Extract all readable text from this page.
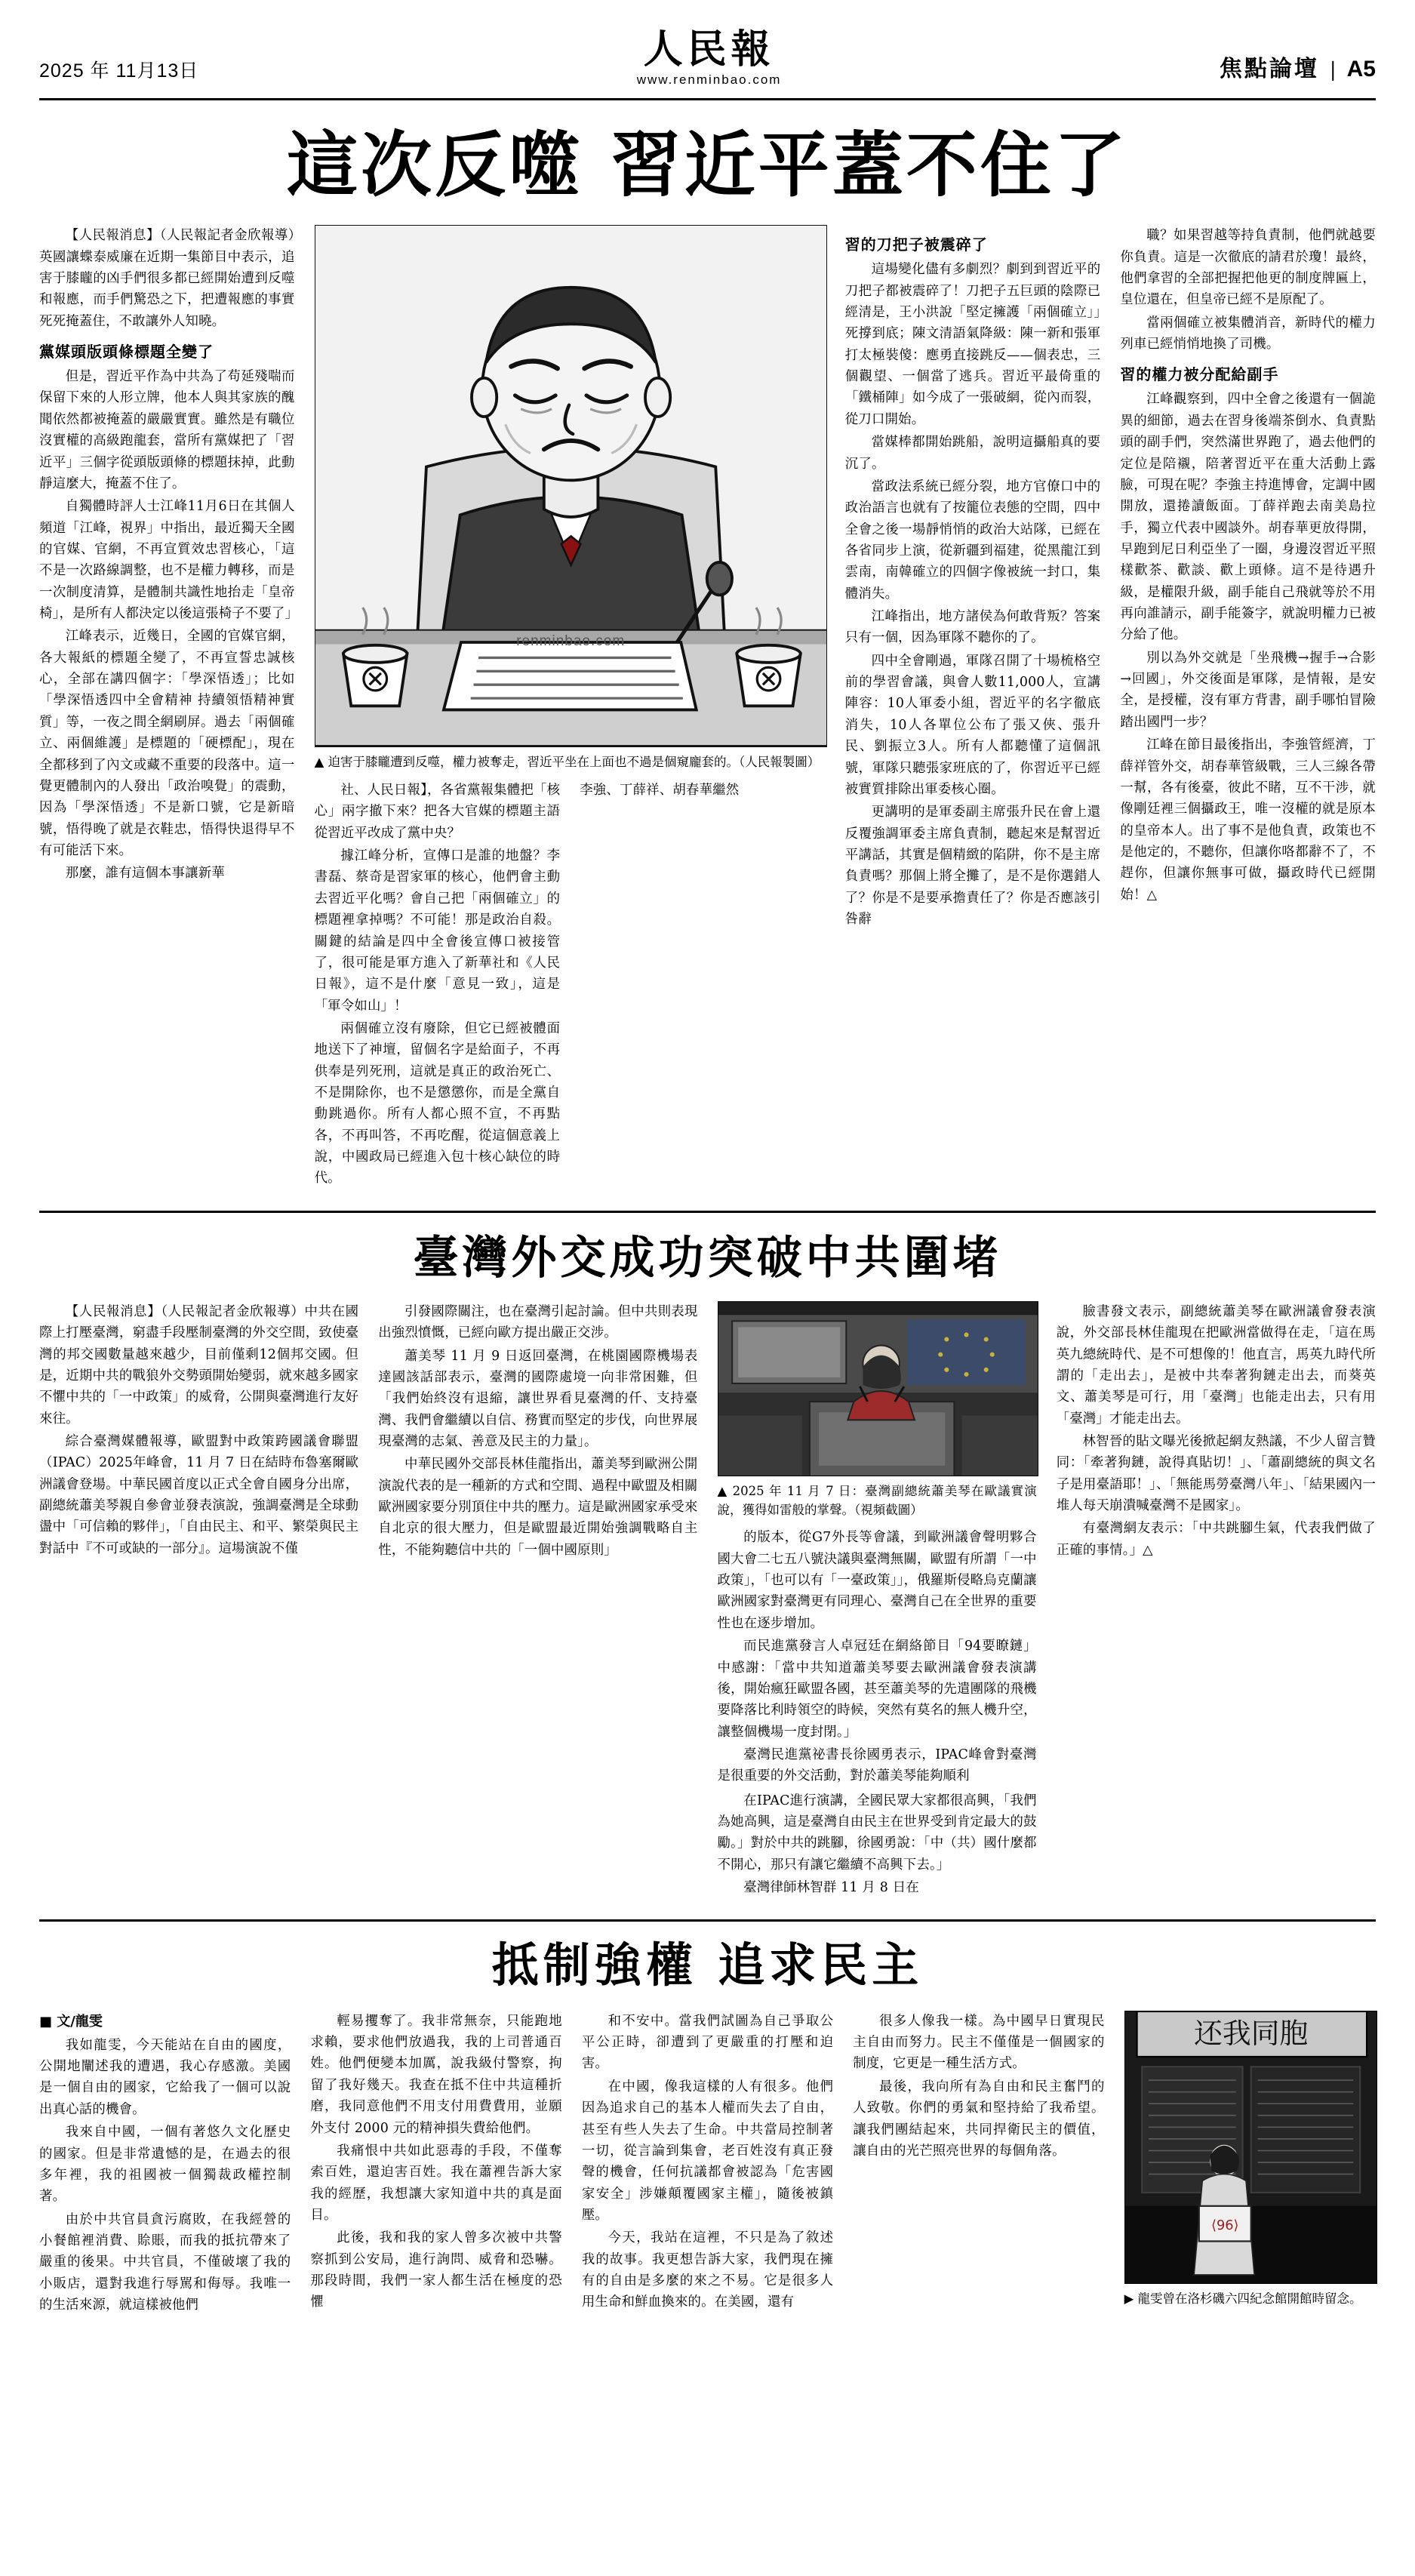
2025 年 11月13日	人民報
www.renminbao.com	焦點論壇 | A5
這次反噬 習近平蓋不住了

【人民報消息】（人民報記者金欣報導）英國讓蝶泰威廉在近期一集節目中表示，追害于膝矓的凶手們很多都已經開始遭到反噬和報應，而手們驚恐之下，把遭報應的事實死死掩蓋住，不敢讓外人知曉。

黨媒頭版頭條標題全變了

但是，習近平作為中共為了苟延殘喘而保留下來的人形立牌，他本人與其家族的醜聞依然都被掩蓋的嚴嚴實實。雖然是有職位沒實權的高級跑龍套，當所有黨媒把了「習近平」三個字從頭版頭條的標題抹掉，此動靜這麼大，掩蓋不住了。

自獨體時評人士江峰11月6日在其個人頻道「江峰，視界」中指出，最近獨天全國的官媒、官網，不再宣質效忠習核心，「這不是一次路線調整，也不是權力轉移，而是一次制度清算，是體制共識性地抬走「皇帝椅」，是所有人都決定以後這張椅子不要了」

江峰表示，近幾日，全國的官媒官網，各大報紙的標題全變了，不再宣誓忠誠核心，全部在講四個字：「學深悟透」；比如「學深悟透四中全會精神 持續領悟精神實質」等，一夜之間全網刷屏。過去「兩個確立、兩個維護」是標題的「硬標配」，現在全都移到了內文或藏不重要的段落中。這一覺更體制內的人發出「政治嗅覺」的震動，因為「學深悟透」不是新口號，它是新暗號，悟得晚了就是衣鞋忠，悟得快退得早不有可能活下來。

那麼，誰有這個本事讓新華

renminbao.com
▲ 迫害于膝矓遭到反噬，權力被奪走，習近平坐在上面也不過是個窺龐套的。（人民報製圖）

社、人民日報】，各省黨報集體把「核心」兩字撤下來？把各大官媒的標題主語從習近平改成了黨中央？

據江峰分析，宣傳口是誰的地盤？李書磊、蔡奇是習家軍的核心，他們會主動去習近平化嗎？會自己把「兩個確立」的標題裡拿掉嗎？不可能！那是政治自殺。關鍵的結論是四中全會後宣傳口被接管了，很可能是軍方進入了新華社和《人民日報》，這不是什麼「意見一致」，這是「軍令如山」！

兩個確立沒有廢除，但它已經被體面地送下了神壇，留個名字是給面子，不再供奉是列死刑，這就是真正的政治死亡、不是開除你，也不是懲懲你，而是全黨自動跳過你。所有人都心照不宣，不再點各，不再叫答，不再吃醒，從這個意義上說，中國政局已經進入包十核心缺位的時代。

李強、丁薛祥、胡春華繼然

習的刀把子被震碎了

這場變化儘有多劇烈？劇到到習近平的刀把子都被震碎了！刀把子五巨頭的陰際已經清是，王小洪說「堅定擁護「兩個確立」」死撐到底；陳文清語氣降級：陳一新和張軍打太極裝傻：應勇直接跳反——個表忠，三個觀望、一個當了逃兵。習近平最倚重的「鐵桶陣」如今成了一張破網，從內而裂，從刀口開始。

當媒棒都開始跳船，說明這攝船真的要沉了。

當政法系統已經分裂，地方官僚口中的政治語言也就有了按籠位表態的空間，四中全會之後一場靜悄悄的政治大站隊，已經在各省同步上演，從新疆到福建，從黑龍江到雲南，南韓確立的四個字像被統一封口，集體消失。

江峰指出，地方諸侯為何敢背叛？答案只有一個，因為軍隊不聽你的了。

四中全會剛過，軍隊召開了十場梳格空前的學習會議，與會人數11,000人，宣講陣容：10人軍委小組，習近平的名字徹底消失，10人各單位公布了張又俠、張升民、劉振立3人。所有人都聽懂了這個訊號，軍隊只聽張家班底的了，你習近平已經被實質排除出軍委核心圈。

更講明的是軍委副主席張升民在會上還反覆強調軍委主席負責制，聽起來是幫習近平講話，其實是個精緻的陷阱，你不是主席負責嗎？那個上將全攤了，是不是你選錯人了？你是不是要承擔責任了？你是否應該引咎辭

職？如果習越等持負責制，他們就越要你負責。這是一次徹底的請君於瓊！最終，他們拿習的全部把握把他更的制度牌匾上，皇位還在，但皇帝已經不是原配了。

當兩個確立被集體消音，新時代的權力列車已經悄悄地換了司機。

習的權力被分配給副手

江峰觀察到，四中全會之後還有一個詭異的細節，過去在習身後端茶倒水、負責點頭的副手們，突然滿世界跑了，過去他們的定位是陪襯，陪著習近平在重大活動上露臉，可現在呢？李強主持進博會，定調中國開放，還捲讀飯面。丁薛祥跑去南美島拉手，獨立代表中國談外。胡春華更放得開，早跑到尼日利亞坐了一圈，身邊沒習近平照樣歡茶、歡談、歡上頭條。這不是待遇升級，是權限升級，副手能自己飛就等於不用再向誰請示，副手能簽字，就說明權力已被分給了他。

別以為外交就是「坐飛機→握手→合影→回國」，外交後面是軍隊，是情報，是安全，是授權，沒有軍方背書，副手哪怕冒險踏出國門一步？

江峰在節目最後指出，李強管經濟，丁薛祥管外交，胡春華管級戰，三人三線各帶一幫，各有後臺，彼此不睹，互不干涉，就像剛廷裡三個攝政王，唯一沒權的就是原本的皇帝本人。出了事不是他負責，政策也不是他定的，不聽你，但讓你咯都辭不了，不趕你，但讓你無事可做，攝政時代已經開始！△

臺灣外交成功突破中共圍堵

【人民報消息】（人民報記者金欣報導）中共在國際上打壓臺灣，窮盡手段壓制臺灣的外交空間，致使臺灣的邦交國數量越來越少，目前僅剩12個邦交國。但是，近期中共的戰狼外交勢頭開始變弱，就來越多國家不懼中共的「一中政策」的威脅，公開與臺灣進行友好來往。

綜合臺灣媒體報導，歐盟對中政策跨國議會聯盟（IPAC）2025年峰會，11 月 7 日在結時布魯塞爾歐洲議會登場。中華民國首度以正式全會自國身分出席，副總統蕭美琴親自參會並發表演說，強調臺灣是全球動盪中「可信賴的夥伴」，「自由民主、和平、繁榮與民主對話中『不可或缺的一部分』。這場演說不僅

引發國際關注，也在臺灣引起討論。但中共則表現出強烈憤慨，已經向歐方提出嚴正交涉。

蕭美琴 11 月 9 日返回臺灣，在桃園國際機場表達國該話部表示，臺灣的國際處境一向非常困難，但「我們始終沒有退縮，讓世界看見臺灣的仟、支持臺灣、我們會繼續以自信、務實而堅定的步伐，向世界展現臺灣的志氣、善意及民主的力量」。

中華民國外交部長林佳龍指出，蕭美琴到歐洲公開演說代表的是一種新的方式和空間、過程中歐盟及相關歐洲國家要分別頂住中共的壓力。這是歐洲國家承受來自北京的很大壓力，但是歐盟最近開始強調戰略自主性，不能夠聽信中共的「一個中國原則」

▲ 2025 年 11 月 7 日：臺灣副總統蕭美琴在歐議實演說，獲得如雷般的掌聲。（視頻截圖）

的版本，從G7外長等會議，到歐洲議會聲明夥合國大會二七五八號決議與臺灣無關，歐盟有所謂「一中政策」，「也可以有「一臺政策」」，俄羅斯侵略烏克蘭讓歐洲國家對臺灣更有同理心、臺灣自己在全世界的重要性也在逐步增加。

而民進黨發言人卓冠廷在網絡節目「94要瞭鏈」中感謝：「當中共知道蕭美琴要去歐洲議會發表演講後，開始瘋狂歐盟各國，甚至蕭美琴的先遣團隊的飛機要降落比利時領空的時候，突然有莫名的無人機升空，讓整個機場一度封閉。」

臺灣民進黨祕書長徐國勇表示，IPAC峰會對臺灣是很重要的外交活動，對於蕭美琴能夠順利

臉書發文表示，副總統蕭美琴在歐洲議會發表演說，外交部長林佳龍現在把歐洲當做得在走，「這在馬英九總統時代、是不可想像的！他直言，馬英九時代所謂的「走出去」，是被中共奉著狗鏈走出去，而葵英文、蕭美琴是可行，用「臺灣」也能走出去，只有用「臺灣」才能走出去。

林智晉的貼文曝光後掀起網友熱議，不少人留言贊同：「牽著狗鏈，說得真貼切！」、「蕭副總統的與文名子是用臺語耶！」、「無能馬勞臺灣八年」、「結果國內一堆人每天崩潰喊臺灣不是國家」。

有臺灣網友表示：「中共跳腳生氣，代表我們做了正確的事情。」△

在IPAC進行演講，全國民眾大家都很高興，「我們為她高興，這是臺灣自由民主在世界受到肯定最大的鼓勵。」對於中共的跳腳，徐國勇說：「中（共）國什麼都不開心，那只有讓它繼續不高興下去。」

臺灣律師林智群 11 月 8 日在

抵制強權 追求民主
■ 文/龍雯

我如龍雯，今天能站在自由的國度，公開地闡述我的遭遇，我心存感激。美國是一個自由的國家，它給我了一個可以說出真心話的機會。

我來自中國，一個有著悠久文化歷史的國家。但是非常遺憾的是，在過去的很多年裡，我的祖國被一個獨裁政權控制著。

由於中共官員貪污腐敗，在我經營的小餐館裡消費、賒賬，而我的抵抗帶來了嚴重的後果。中共官員，不僅破壞了我的小販店，還對我進行辱駡和侮辱。我唯一的生活來源，就這樣被他們

輕易攫奪了。我非常無奈，只能跑地求賴，要求他們放過我，我的上司普通百姓。他們便變本加厲，說我級付警察，拘留了我好幾天。我查在抵不住中共這種折磨，我同意他們不用支付用費費用，並願外支付 2000 元的精神損失費給他們。

我痛恨中共如此惡毒的手段，不僅奪索百姓，還迫害百姓。我在蕭裡告訴大家我的經歷，我想讓大家知道中共的真是面目。

此後，我和我的家人曾多次被中共警察抓到公安局，進行詢問、威脅和恐嚇。那段時間，我們一家人都生活在極度的恐懼

和不安中。當我們試圖為自己爭取公平公正時，卻遭到了更嚴重的打壓和迫害。

在中國，像我這樣的人有很多。他們因為追求自己的基本人權而失去了自由，甚至有些人失去了生命。中共當局控制著一切，從言論到集會，老百姓沒有真正發聲的機會，任何抗議都會被認為「危害國家安全」涉嫌顛覆國家主權」，隨後被鎮壓。

今天，我站在這裡，不只是為了敘述我的故事。我更想告訴大家，我們現在擁有的自由是多麼的來之不易。它是很多人用生命和鮮血換來的。在美國，還有

很多人像我一樣。為中國早日實現民主自由而努力。民主不僅僅是一個國家的制度，它更是一種生活方式。

最後，我向所有為自由和民主奮鬥的人致敬。你們的勇氣和堅持給了我希望。讓我們團結起來，共同捍衛民主的價值，讓自由的光芒照亮世界的每個角落。

还我同胞
⟨96⟩
▶ 龍雯曾在洛杉磯六四紀念館開館時留念。
